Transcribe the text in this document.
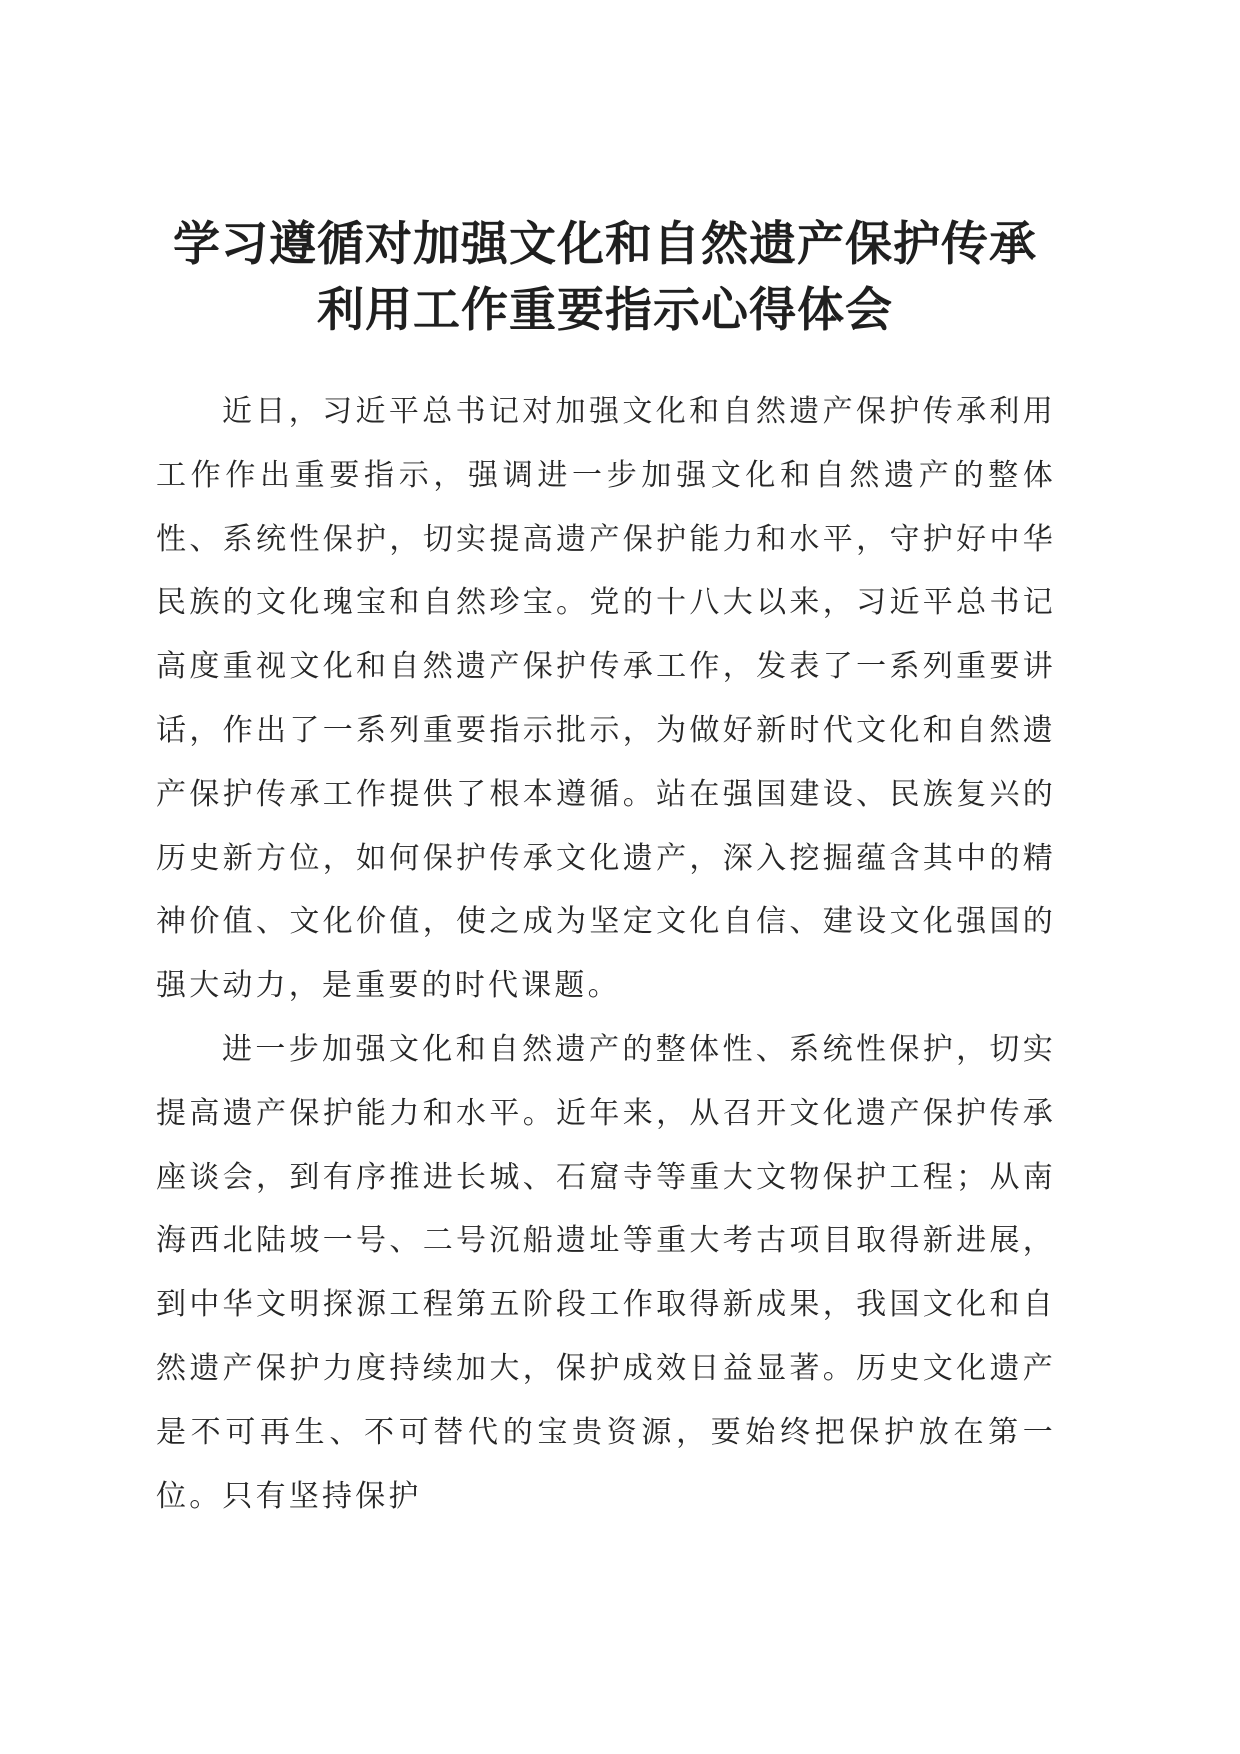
学习遵循对加强文化和自然遗产保护传承利用工作重要指示心得体会

近日，习近平总书记对加强文化和自然遗产保护传承利用工作作出重要指示，强调进一步加强文化和自然遗产的整体性、系统性保护，切实提高遗产保护能力和水平，守护好中华民族的文化瑰宝和自然珍宝。党的十八大以来，习近平总书记高度重视文化和自然遗产保护传承工作，发表了一系列重要讲话，作出了一系列重要指示批示，为做好新时代文化和自然遗产保护传承工作提供了根本遵循。站在强国建设、民族复兴的历史新方位，如何保护传承文化遗产，深入挖掘蕴含其中的精神价值、文化价值，使之成为坚定文化自信、建设文化强国的强大动力，是重要的时代课题。

进一步加强文化和自然遗产的整体性、系统性保护，切实提高遗产保护能力和水平。近年来，从召开文化遗产保护传承座谈会，到有序推进长城、石窟寺等重大文物保护工程；从南海西北陆坡一号、二号沉船遗址等重大考古项目取得新进展，到中华文明探源工程第五阶段工作取得新成果，我国文化和自然遗产保护力度持续加大，保护成效日益显著。历史文化遗产是不可再生、不可替代的宝贵资源，要始终把保护放在第一位。只有坚持保护
